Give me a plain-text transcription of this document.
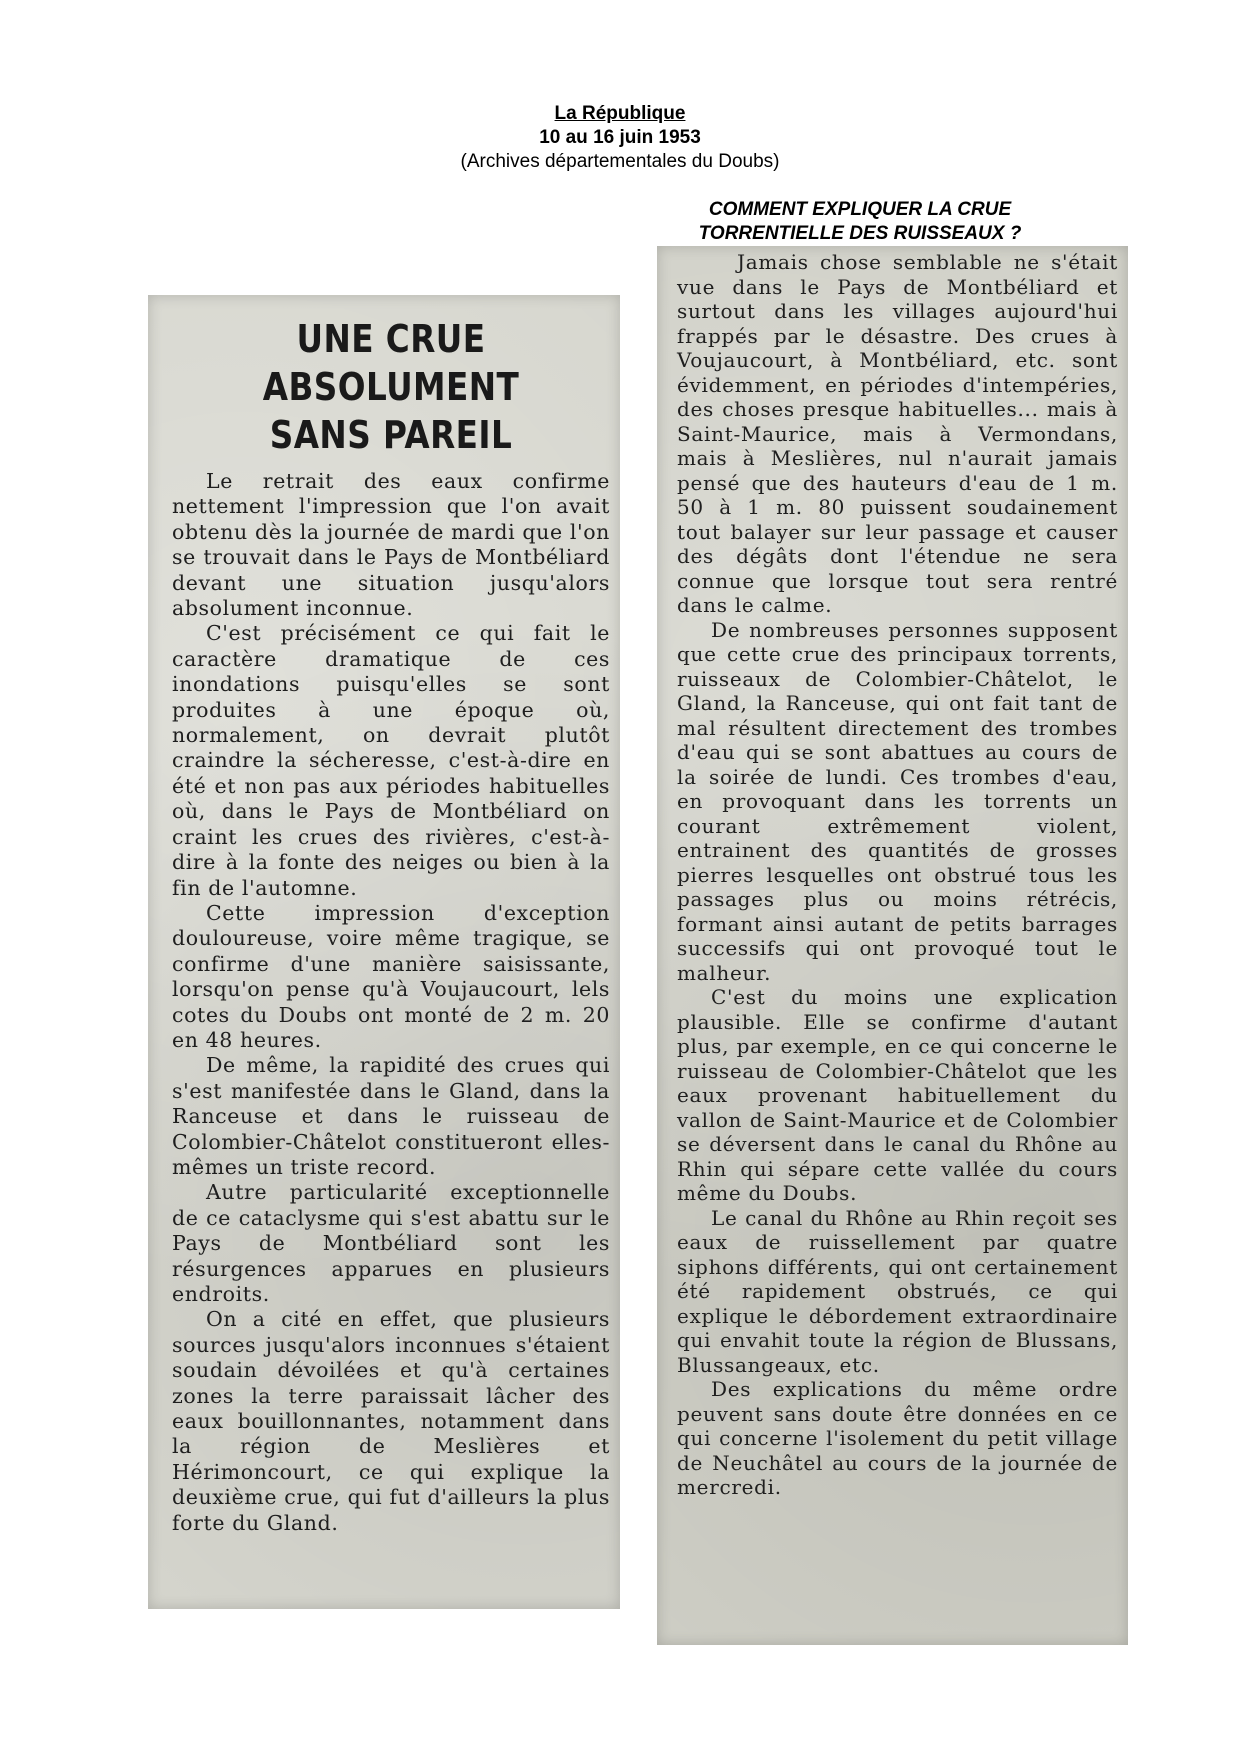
La République
10 au 16 juin 1953
(Archives départementales du Doubs)
COMMENT EXPLIQUER LA CRUE
TORRENTIELLE DES RUISSEAUX ?
UNE CRUE
ABSOLUMENT
SANS PAREIL

Le retrait des eaux confirme nettement l'impression que l'on avait obtenu dès la journée de mardi que l'on se trouvait dans le Pays de Montbéliard devant une situation jusqu'alors absolument inconnue.

C'est précisément ce qui fait le caractère dramatique de ces inondations puisqu'elles se sont produites à une époque où, normalement, on devrait plutôt craindre la sécheresse, c'est-à-dire en été et non pas aux périodes habituelles où, dans le Pays de Montbéliard on craint les crues des rivières, c'est-à-dire à la fonte des neiges ou bien à la fin de l'automne.

Cette impression d'exception douloureuse, voire même tragique, se confirme d'une manière saisissante, lorsqu'on pense qu'à Voujaucourt, lels cotes du Doubs ont monté de 2 m. 20 en 48 heures.

De même, la rapidité des crues qui s'est manifestée dans le Gland, dans la Ranceuse et dans le ruisseau de Colombier-Châtelot constitueront elles-mêmes un triste record.

Autre particularité exceptionnelle de ce cataclysme qui s'est abattu sur le Pays de Montbéliard sont les résurgences apparues en plusieurs endroits.

On a cité en effet, que plusieurs sources jusqu'alors inconnues s'étaient soudain dévoilées et qu'à certaines zones la terre paraissait lâcher des eaux bouillonnantes, notamment dans la région de Meslières et Hérimoncourt, ce qui explique la deuxième crue, qui fut d'ailleurs la plus forte du Gland.

Jamais chose semblable ne s'était vue dans le Pays de Montbéliard et surtout dans les villages aujourd'hui frappés par le désastre. Des crues à Voujaucourt, à Montbéliard, etc. sont évidemment, en périodes d'intempéries, des choses presque habituelles... mais à Saint-Maurice, mais à Vermondans, mais à Meslières, nul n'aurait jamais pensé que des hauteurs d'eau de 1 m. 50 à 1 m. 80 puissent soudainement tout balayer sur leur passage et causer des dégâts dont l'étendue ne sera connue que lorsque tout sera rentré dans le calme.

De nombreuses personnes supposent que cette crue des principaux torrents, ruisseaux de Colombier-Châtelot, le Gland, la Ranceuse, qui ont fait tant de mal résultent directement des trombes d'eau qui se sont abattues au cours de la soirée de lundi. Ces trombes d'eau, en provoquant dans les torrents un courant extrêmement violent, entrainent des quantités de grosses pierres lesquelles ont obstrué tous les passages plus ou moins rétrécis, formant ainsi autant de petits barrages successifs qui ont provoqué tout le malheur.

C'est du moins une explication plausible. Elle se confirme d'autant plus, par exemple, en ce qui concerne le ruisseau de Colombier-Châtelot que les eaux provenant habituellement du vallon de Saint-Maurice et de Colombier se déversent dans le canal du Rhône au Rhin qui sépare cette vallée du cours même du Doubs.

Le canal du Rhône au Rhin reçoit ses eaux de ruissellement par quatre siphons différents, qui ont certainement été rapidement obstrués, ce qui explique le débordement extraordinaire qui envahit toute la région de Blussans, Blussangeaux, etc.

Des explications du même ordre peuvent sans doute être données en ce qui concerne l'isolement du petit village de Neuchâtel au cours de la journée de mercredi.
